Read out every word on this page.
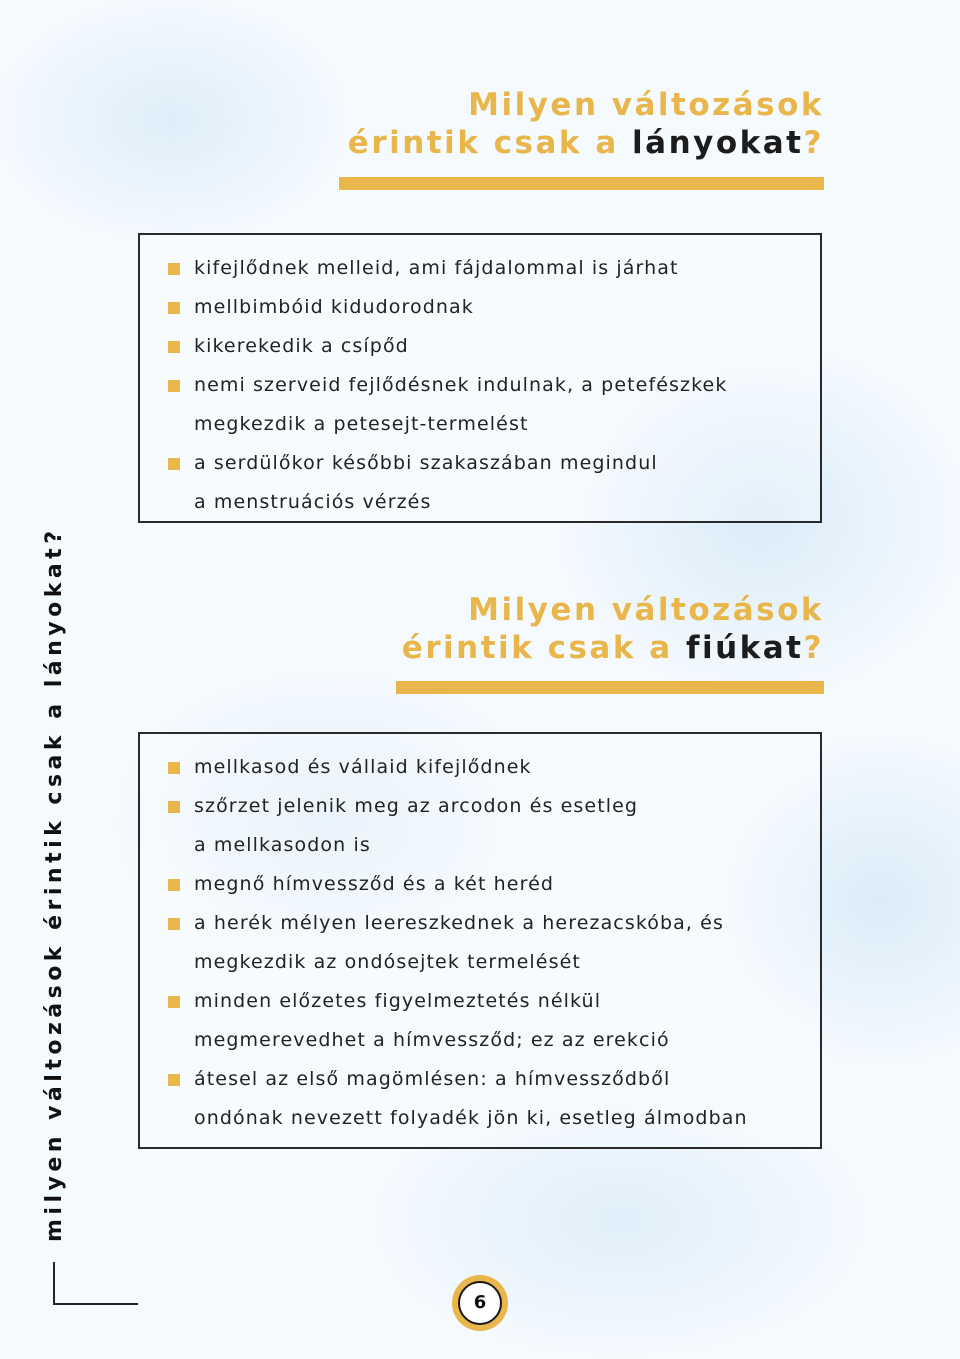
Milyen változások
érintik csak a lányokat?
kifejlődnek melleid, ami fájdalommal is járhat
mellbimbóid kidudorodnak
kikerekedik a csípőd
nemi szerveid fejlődésnek indulnak, a petefészkek
megkezdik a petesejt-termelést
a serdülőkor későbbi szakaszában megindul
a menstruációs vérzés
Milyen változások
érintik csak a fiúkat?
mellkasod és vállaid kifejlődnek
szőrzet jelenik meg az arcodon és esetleg
a mellkasodon is
megnő hímvessződ és a két heréd
a herék mélyen leereszkednek a herezacskóba, és
megkezdik az ondósejtek termelését
minden előzetes figyelmeztetés nélkül
megmerevedhet a hímvessződ; ez az erekció
átesel az első magömlésen: a hímvessződből
ondónak nevezett folyadék jön ki, esetleg álmodban
milyen változások érintik csak a lányokat?
6
